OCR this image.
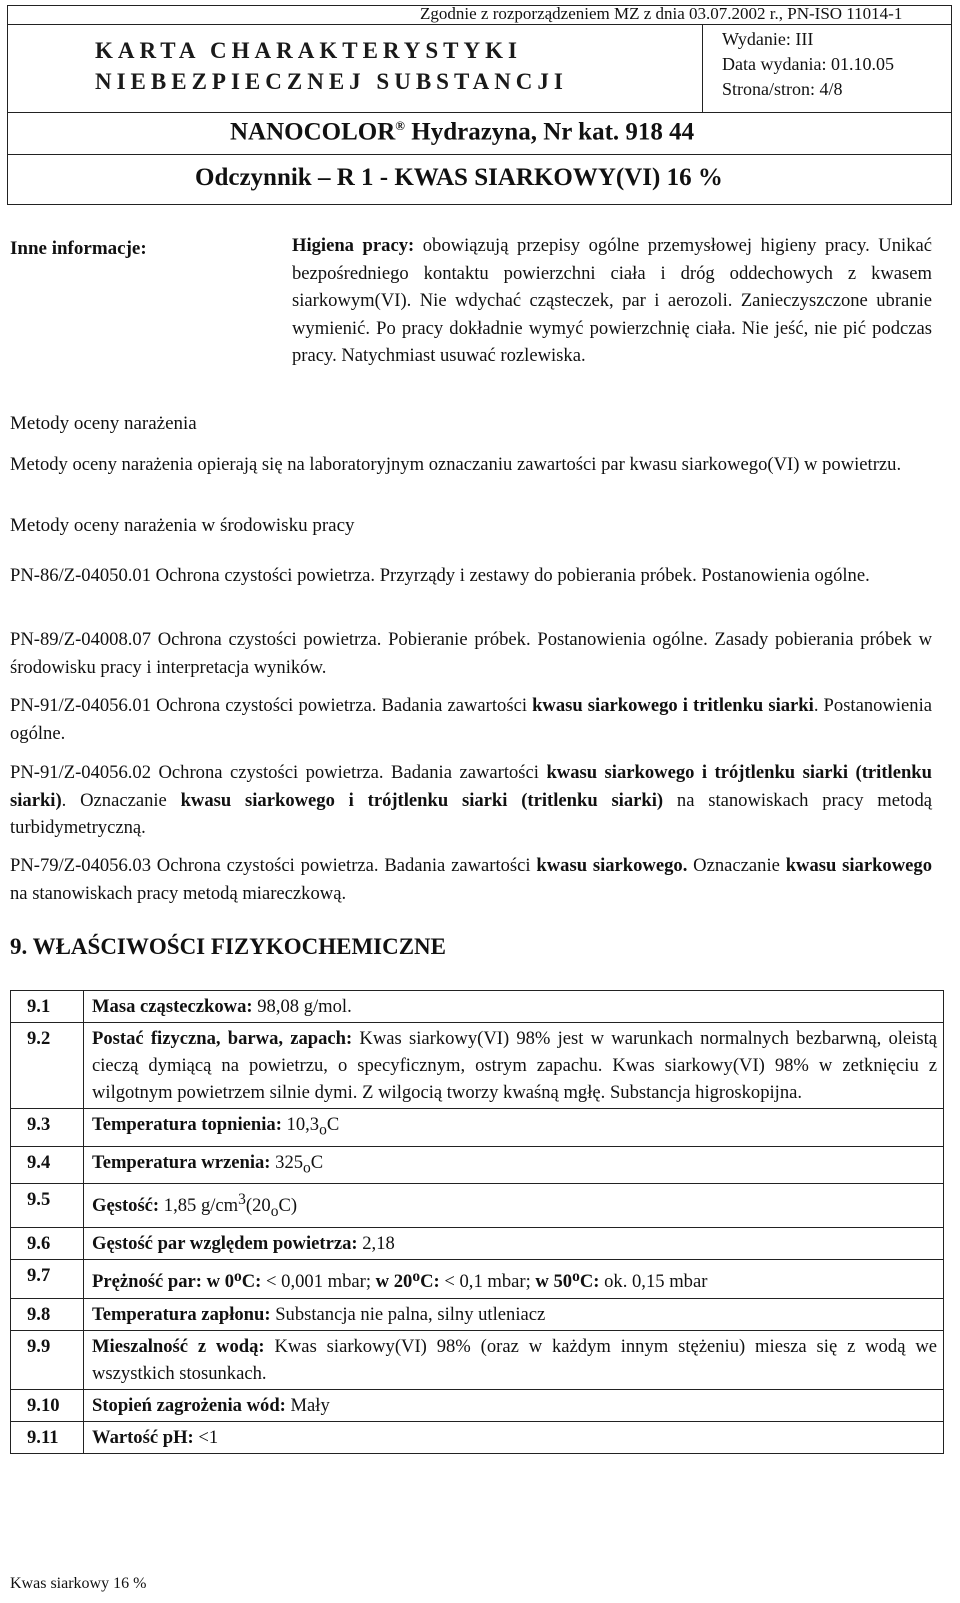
Zgodnie z rozporządzeniem MZ z dnia 03.07.2002 r., PN-ISO 11014-1
KARTA CHARAKTERYSTYKI
NIEBEZPIECZNEJ SUBSTANCJI
Wydanie: III
Data wydania: 01.10.05
Strona/stron: 4/8
NANOCOLOR® Hydrazyna, Nr kat. 918 44
Odczynnik – R 1 - KWAS SIARKOWY(VI) 16 %
Inne informacje:	Higiena pracy: obowiązują przepisy ogólne przemysłowej higieny pracy. Unikać bezpośredniego kontaktu powierzchni ciała i dróg oddechowych z kwasem siarkowym(VI). Nie wdychać cząsteczek, par i aerozoli. Zanieczyszczone ubranie wymienić. Po pracy dokładnie wymyć powierzchnię ciała. Nie jeść, nie pić podczas pracy. Natychmiast usuwać rozlewiska.
Metody oceny narażenia
Metody oceny narażenia opierają się na laboratoryjnym oznaczaniu zawartości par kwasu siarkowego(VI) w powietrzu.
Metody oceny narażenia w środowisku pracy
PN-86/Z-04050.01 Ochrona czystości powietrza. Przyrządy i zestawy do pobierania próbek. Postanowienia ogólne.
PN-89/Z-04008.07 Ochrona czystości powietrza. Pobieranie próbek. Postanowienia ogólne. Zasady pobierania próbek w środowisku pracy i interpretacja wyników.
PN-91/Z-04056.01 Ochrona czystości powietrza. Badania zawartości kwasu siarkowego i tritlenku siarki. Postanowienia ogólne.
PN-91/Z-04056.02 Ochrona czystości powietrza. Badania zawartości kwasu siarkowego i trójtlenku siarki (tritlenku siarki). Oznaczanie kwasu siarkowego i trójtlenku siarki (tritlenku siarki) na stanowiskach pracy metodą turbidymetryczną.
PN-79/Z-04056.03 Ochrona czystości powietrza. Badania zawartości kwasu siarkowego. Oznaczanie kwasu siarkowego na stanowiskach pracy metodą miareczkową.
9. WŁAŚCIWOŚCI FIZYKOCHEMICZNE
9.1	Masa cząsteczkowa: 98,08 g/mol.
9.2	Postać fizyczna, barwa, zapach: Kwas siarkowy(VI) 98% jest w warunkach normalnych bezbarwną, oleistą cieczą dymiącą na powietrzu, o specyficznym, ostrym zapachu. Kwas siarkowy(VI) 98% w zetknięciu z wilgotnym powietrzem silnie dymi. Z wilgocią tworzy kwaśną mgłę. Substancja higroskopijna.
9.3	Temperatura topnienia: $10,3_oC$
9.4	Temperatura wrzenia: $325_oC$
9.5	Gęstość: 1,85 $g/cm^3(20_oC)$
9.6	Gęstość par względem powietrza: 2,18
9.7	Prężność par: w $0^oC$: < 0,001 mbar; w $20^oC$: < 0,1 mbar; w 50$^o$C: ok. 0,15 mbar
9.8	Temperatura zapłonu: Substancja nie palna, silny utleniacz
9.9	Mieszalność z wodą: Kwas siarkowy(VI) 98% (oraz w każdym innym stężeniu) miesza się z wodą we wszystkich stosunkach.
9.10	Stopień zagrożenia wód: Mały
9.11	Wartość pH: <1
Kwas siarkowy 16 %
